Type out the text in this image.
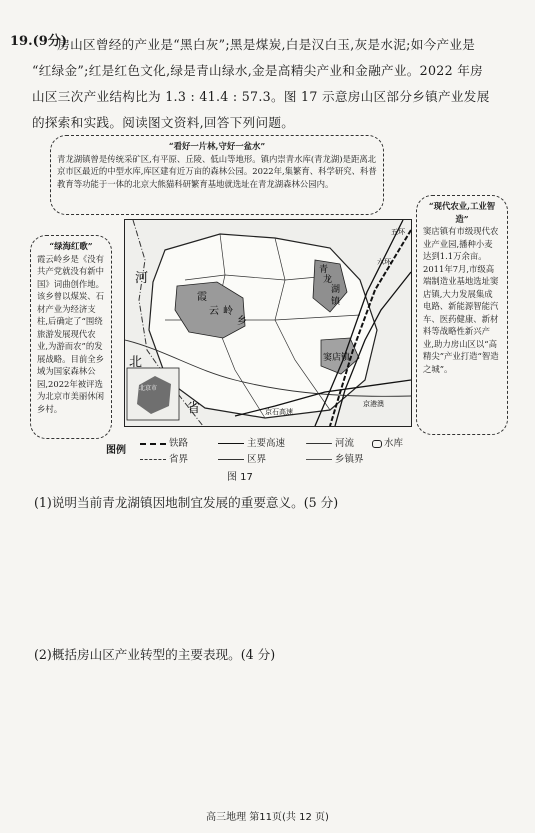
19.(9分)

房山区曾经的产业是“黑白灰”;黑是煤炭,白是汉白玉,灰是水泥;如今产业是

“红绿金”;红是红色文化,绿是青山绿水,金是高精尖产业和金融产业。2022 年房

山区三次产业结构比为 1.3 : 41.4 : 57.3。图 17 示意房山区部分乡镇产业发展

的探索和实践。阅读图文资料,回答下列问题。

“看好一片林,守好一盆水”
青龙湖镇曾是传统采矿区,有平原、丘陵、低山等地形。镇内崇青水库(青龙湖)是距离北京市区最近的中型水库,库区建有近万亩的森林公园。2022年,集繁育、科学研究、科普教育等功能于一体的北京大熊猫科研繁育基地就选址在青龙湖森林公园内。
“绿海红歌”
霞云岭乡是《没有共产党就没有新中国》词曲创作地。该乡曾以煤炭、石材产业为经济支柱,后确定了“围绕旅游发展现代农业,为游而农”的发展战略。目前全乡域为国家森林公园,2022年被评选为北京市美丽休闲乡村。
“现代农业,工业智造”
窦店镇有市级现代农业产业园,播种小麦达到1.1万余亩。2011年7月,市级高端制造业基地选址窦店镇,大力发展集成电路、新能源智能汽车、医药健康、新材料等战略性新兴产业,助力房山区以“高精尖”产业打造“智造之城”。
河
北
省
霞
云 岭
乡
青
龙
湖
镇
窦店镇
五环
六环
北京市
京石高速
京港澳
图例
铁路	主要高速	河流	水库
省界	区界	乡镇界
图 17
(1)说明当前青龙湖镇因地制宜发展的重要意义。(5 分)
(2)概括房山区产业转型的主要表现。(4 分)
高三地理 第11页(共 12 页)
